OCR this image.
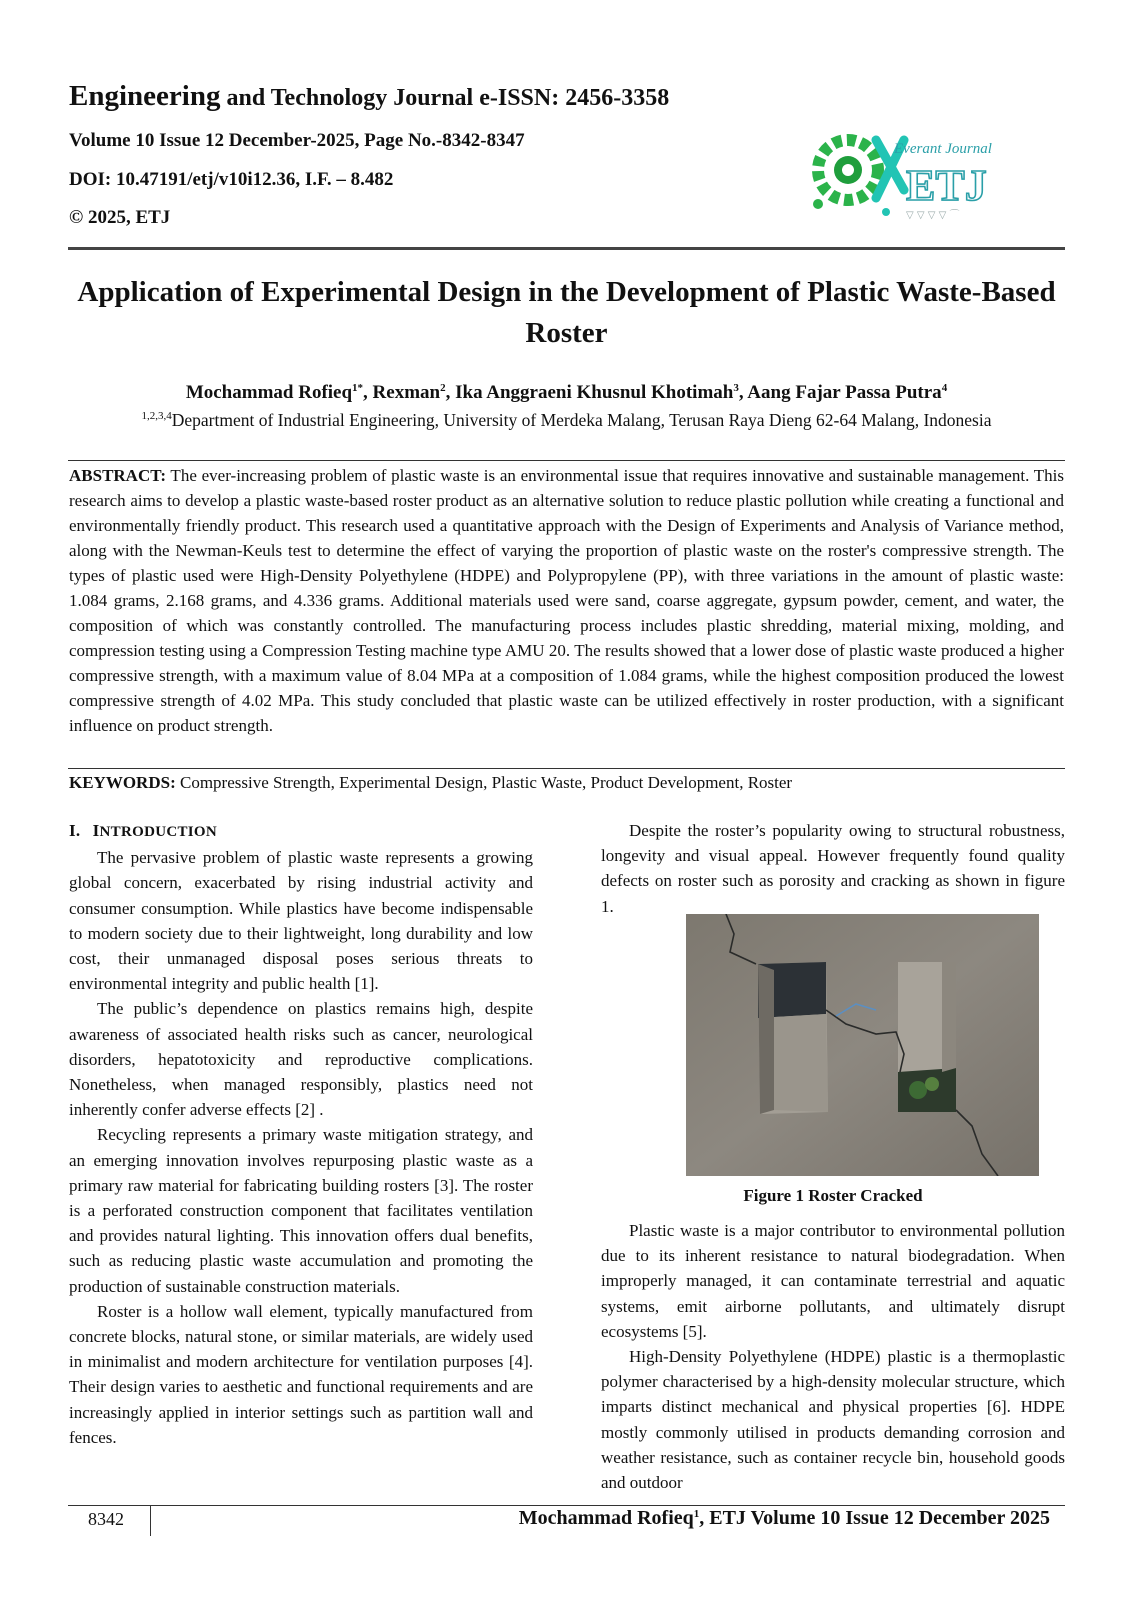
Engineering and Technology Journal e-ISSN: 2456-3358
Volume 10 Issue 12 December-2025, Page No.-8342-8347
DOI: 10.47191/etj/v10i12.36, I.F. – 8.482
© 2025, ETJ
Everant Journal
ETJ
▽ ▽ ▽ ▽ ⌒
Application of Experimental Design in the Development of Plastic Waste-Based Roster
Mochammad Rofieq$^{1*}$, Rexman$^2$, Ika Anggraeni Khusnul Khotimah$^3$, Aang Fajar Passa Putra$^4$
$^{1,2,3,4}$Department of Industrial Engineering, University of Merdeka Malang, Terusan Raya Dieng 62-64 Malang, Indonesia
ABSTRACT: The ever-increasing problem of plastic waste is an environmental issue that requires innovative and sustainable management. This research aims to develop a plastic waste-based roster product as an alternative solution to reduce plastic pollution while creating a functional and environmentally friendly product. This research used a quantitative approach with the Design of Experiments and Analysis of Variance method, along with the Newman-Keuls test to determine the effect of varying the proportion of plastic waste on the roster's compressive strength. The types of plastic used were High-Density Polyethylene (HDPE) and Polypropylene (PP), with three variations in the amount of plastic waste: 1.084 grams, 2.168 grams, and 4.336 grams. Additional materials used were sand, coarse aggregate, gypsum powder, cement, and water, the composition of which was constantly controlled. The manufacturing process includes plastic shredding, material mixing, molding, and compression testing using a Compression Testing machine type AMU 20. The results showed that a lower dose of plastic waste produced a higher compressive strength, with a maximum value of 8.04 MPa at a composition of 1.084 grams, while the highest composition produced the lowest compressive strength of 4.02 MPa. This study concluded that plastic waste can be utilized effectively in roster production, with a significant influence on product strength.
KEYWORDS: Compressive Strength, Experimental Design, Plastic Waste, Product Development, Roster
I. INTRODUCTION

The pervasive problem of plastic waste represents a growing global concern, exacerbated by rising industrial activity and consumer consumption. While plastics have become indispensable to modern society due to their lightweight, long durability and low cost, their unmanaged disposal poses serious threats to environmental integrity and public health [1].

The public’s dependence on plastics remains high, despite awareness of associated health risks such as cancer, neurological disorders, hepatotoxicity and reproductive complications. Nonetheless, when managed responsibly, plastics need not inherently confer adverse effects [2] .

Recycling represents a primary waste mitigation strategy, and an emerging innovation involves repurposing plastic waste as a primary raw material for fabricating building rosters [3]. The roster is a perforated construction component that facilitates ventilation and provides natural lighting. This innovation offers dual benefits, such as reducing plastic waste accumulation and promoting the production of sustainable construction materials.

Roster is a hollow wall element, typically manufactured from concrete blocks, natural stone, or similar materials, are widely used in minimalist and modern architecture for ventilation purposes [4]. Their design varies to aesthetic and functional requirements and are increasingly applied in interior settings such as partition wall and fences.

Despite the roster’s popularity owing to structural robustness, longevity and visual appeal. However frequently found quality defects on roster such as porosity and cracking as shown in figure 1.

Figure 1 Roster Cracked

Plastic waste is a major contributor to environmental pollution due to its inherent resistance to natural biodegradation. When improperly managed, it can contaminate terrestrial and aquatic systems, emit airborne pollutants, and ultimately disrupt ecosystems [5].

High-Density Polyethylene (HDPE) plastic is a thermoplastic polymer characterised by a high-density molecular structure, which imparts distinct mechanical and physical properties [6]. HDPE mostly commonly utilised in products demanding corrosion and weather resistance, such as container recycle bin, household goods and outdoor

8342	Mochammad Rofieq$^1$, ETJ Volume 10 Issue 12 December 2025
